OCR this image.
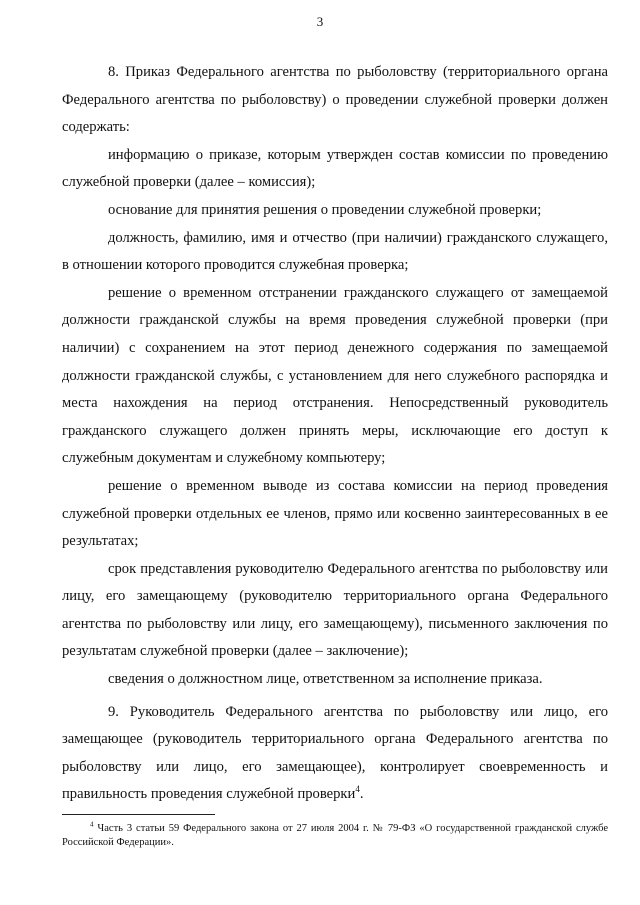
3

8. Приказ Федерального агентства по рыболовству (территориального органа Федерального агентства по рыболовству) о проведении служебной проверки должен содержать:

информацию о приказе, которым утвержден состав комиссии по проведению служебной проверки (далее – комиссия);

основание для принятия решения о проведении служебной проверки;

должность, фамилию, имя и отчество (при наличии) гражданского служащего, в отношении которого проводится служебная проверка;

решение о временном отстранении гражданского служащего от замещаемой должности гражданской службы на время проведения служебной проверки (при наличии) с сохранением на этот период денежного содержания по замещаемой должности гражданской службы, с установлением для него служебного распорядка и места нахождения на период отстранения. Непосредственный руководитель гражданского служащего должен принять меры, исключающие его доступ к служебным документам и служебному компьютеру;

решение о временном выводе из состава комиссии на период проведения служебной проверки отдельных ее членов, прямо или косвенно заинтересованных в ее результатах;

срок представления руководителю Федерального агентства по рыболовству или лицу, его замещающему (руководителю территориального органа Федерального агентства по рыболовству или лицу, его замещающему), письменного заключения по результатам служебной проверки (далее – заключение);

сведения о должностном лице, ответственном за исполнение приказа.

9. Руководитель Федерального агентства по рыболовству или лицо, его замещающее (руководитель территориального органа Федерального агентства по рыболовству или лицо, его замещающее), контролирует своевременность и правильность проведения служебной проверки$^4$.

$^4$ Часть 3 статьи 59 Федерального закона от 27 июля 2004 г. № 79-ФЗ «О государственной гражданской службе Российской Федерации».
